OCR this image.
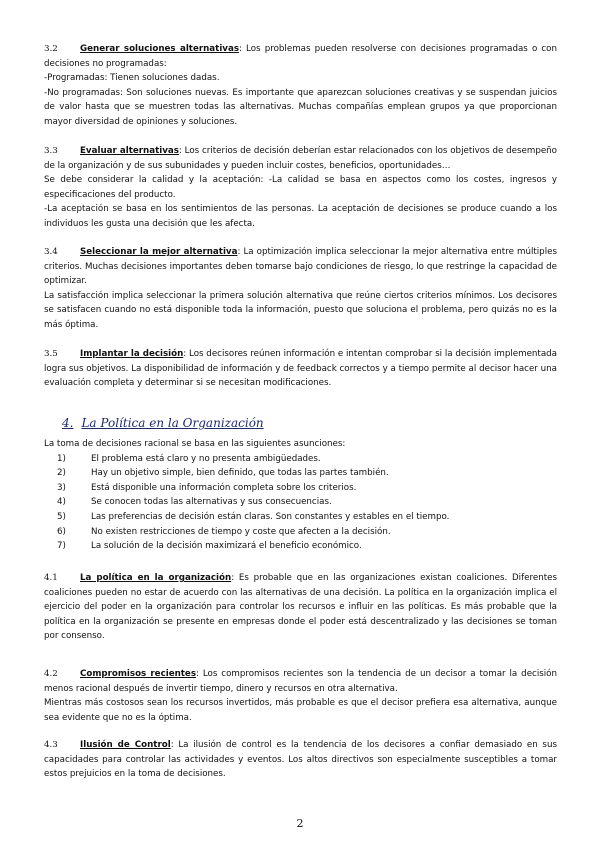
3.2	Generar soluciones alternativas: Los problemas pueden resolverse con decisiones programadas o con decisiones no programadas:

-Programadas: Tienen soluciones dadas.

-No programadas: Son soluciones nuevas. Es importante que aparezcan soluciones creativas y se suspendan juicios de valor hasta que se muestren todas las alternativas. Muchas compañías emplean grupos ya que proporcionan mayor diversidad de opiniones y soluciones.

3.3	Evaluar alternativas: Los criterios de decisión deberían estar relacionados con los objetivos de desempeño de la organización y de sus subunidades y pueden incluir costes, beneficios, oportunidades…

Se debe considerar la calidad y la aceptación: -La calidad se basa en aspectos como los costes, ingresos y especificaciones del producto.

-La aceptación se basa en los sentimientos de las personas. La aceptación de decisiones se produce cuando a los individuos les gusta una decisión que les afecta.

3.4	Seleccionar la mejor alternativa: La optimización implica seleccionar la mejor alternativa entre múltiples criterios. Muchas decisiones importantes deben tomarse bajo condiciones de riesgo, lo que restringe la capacidad de optimizar.

La satisfacción implica seleccionar la primera solución alternativa que reúne ciertos criterios mínimos. Los decisores se satisfacen cuando no está disponible toda la información, puesto que soluciona el problema, pero quizás no es la más óptima.

3.5	Implantar la decisión: Los decisores reúnen información e intentan comprobar si la decisión implementada logra sus objetivos. La disponibilidad de información y de feedback correctos y a tiempo permite al decisor hacer una evaluación completa y determinar si se necesitan modificaciones.

4. La Política en la Organización

La toma de decisiones racional se basa en las siguientes asunciones:

1)	El problema está claro y no presenta ambigüedades.
2)	Hay un objetivo simple, bien definido, que todas las partes también.
3)	Está disponible una información completa sobre los criterios.
4)	Se conocen todas las alternativas y sus consecuencias.
5)	Las preferencias de decisión están claras. Son constantes y estables en el tiempo.
6)	No existen restricciones de tiempo y coste que afecten a la decisión.
7)	La solución de la decisión maximizará el beneficio económico.

4.1	La política en la organización: Es probable que en las organizaciones existan coaliciones. Diferentes coaliciones pueden no estar de acuerdo con las alternativas de una decisión. La política en la organización implica el ejercicio del poder en la organización para controlar los recursos e influir en las políticas. Es más probable que la política en la organización se presente en empresas donde el poder está descentralizado y las decisiones se toman por consenso.

4.2	Compromisos recientes: Los compromisos recientes son la tendencia de un decisor a tomar la decisión menos racional después de invertir tiempo, dinero y recursos en otra alternativa.

Mientras más costosos sean los recursos invertidos, más probable es que el decisor prefiera esa alternativa, aunque sea evidente que no es la óptima.

4.3	Ilusión de Control: La ilusión de control es la tendencia de los decisores a confiar demasiado en sus capacidades para controlar las actividades y eventos. Los altos directivos son especialmente susceptibles a tomar estos prejuicios en la toma de decisiones.

2
